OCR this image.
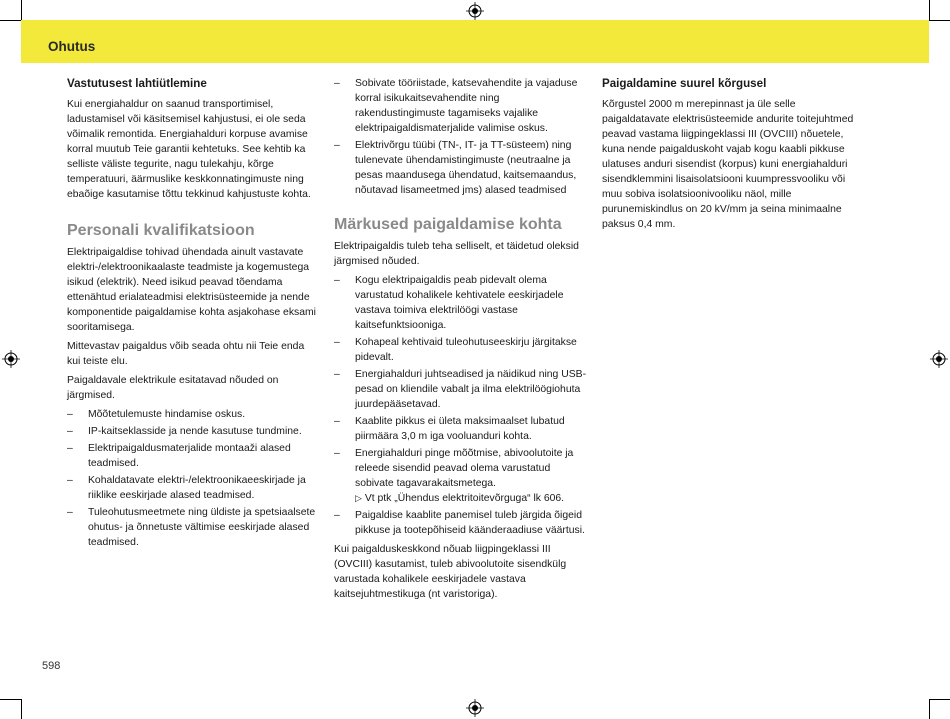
Ohutus
Vastutusest lahtiütlemine

Kui energiahaldur on saanud transportimisel, ladustamisel või käsitsemisel kahjustusi, ei ole seda võimalik remontida. Energiahalduri korpuse avamise korral muutub Teie garantii kehtetuks. See kehtib ka selliste väliste tegurite, nagu tulekahju, kõrge temperatuuri, äärmuslike keskkonnatingimuste ning ebaõige kasutamise tõttu tekkinud kahjustuste kohta.

Personali kvalifikatsioon

Elektripaigaldise tohivad ühendada ainult vastavate elektri-/elektroonikaalaste teadmiste ja kogemustega isikud (elektrik). Need isikud peavad tõendama ettenähtud erialateadmisi elektrisüsteemide ja nende komponentide paigaldamise kohta asjakohase eksami sooritamisega.

Mittevastav paigaldus võib seada ohtu nii Teie enda kui teiste elu.

Paigaldavale elektrikule esitatavad nõuded on järgmised.

– Mõõtetulemuste hindamise oskus.
– IP-kaitseklasside ja nende kasutuse tundmine.
– Elektripaigaldusmaterjalide montaaži alased teadmised.
– Kohaldatavate elektri-/elektroonikaeeskirjade ja riiklike eeskirjade alased teadmised.
– Tuleohutusmeetmete ning üldiste ja spetsiaalsete ohutus- ja õnnetuste vältimise eeskirjade alased teadmised.
– Sobivate tööriistade, katsevahendite ja vajaduse korral isikukaitsevahendite ning rakendustingimuste tagamiseks vajalike elektripaigaldismaterjalide valimise oskus.
– Elektrivõrgu tüübi (TN-, IT- ja TT-süsteem) ning tulenevate ühendamistingimuste (neutraalne ja pesas maandusega ühendatud, kaitsemaandus, nõutavad lisameetmed jms) alased teadmised
Märkused paigaldamise kohta

Elektripaigaldis tuleb teha selliselt, et täidetud oleksid järgmised nõuded.

– Kogu elektripaigaldis peab pidevalt olema varustatud kohalikele kehtivatele eeskirjadele vastava toimiva elektrilöögi vastase kaitsefunktsiooniga.
– Kohapeal kehtivaid tuleohutuseeskirju järgitakse pidevalt.
– Energiahalduri juhtseadised ja näidikud ning USB-pesad on kliendile vabalt ja ilma elektrilöögiohuta juurdepääsetavad.
– Kaablite pikkus ei ületa maksimaalset lubatud piirmäära 3,0 m iga vooluanduri kohta.
– Energiahalduri pinge mõõtmise, abivoolutoite ja releede sisendid peavad olema varustatud sobivate tagavarakaitsmetega.
▷ Vt ptk „Ühendus elektritoitevõrguga“ lk 606.
– Paigaldise kaablite panemisel tuleb järgida õigeid pikkuse ja tootepõhiseid käänderaadiuse väärtusi.

Kui paigalduskeskkond nõuab liigpingeklassi III (OVCIII) kasutamist, tuleb abivoolutoite sisendkülg varustada kohalikele eeskirjadele vastava kaitsejuhtmestikuga (nt varistoriga).

Paigaldamine suurel kõrgusel

Kõrgustel 2000 m merepinnast ja üle selle paigaldatavate elektrisüsteemide andurite toitejuhtmed peavad vastama liigpingeklassi III (OVCIII) nõuetele, kuna nende paigalduskoht vajab kogu kaabli pikkuse ulatuses anduri sisendist (korpus) kuni energiahalduri sisendklemmini lisaisolatsiooni kuumpressvooliku või muu sobiva isolatsioonivooliku näol, mille purunemiskindlus on 20 kV/mm ja seina minimaalne paksus 0,4 mm.

598
